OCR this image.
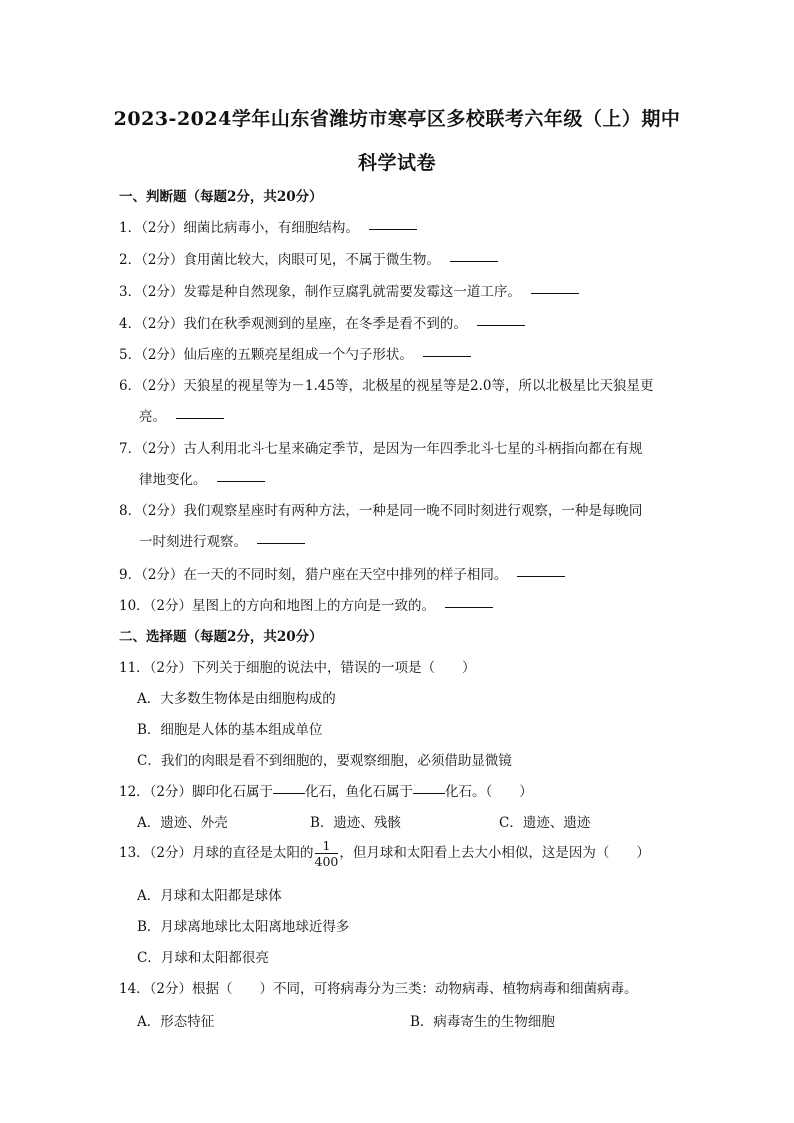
2023-2024学年山东省潍坊市寒亭区多校联考六年级（上）期中
科学试卷
一、判断题（每题2分，共20分）
1．（2分）细菌比病毒小，有细胞结构。
2．（2分）食用菌比较大，肉眼可见，不属于微生物。
3．（2分）发霉是种自然现象，制作豆腐乳就需要发霉这一道工序。
4．（2分）我们在秋季观测到的星座，在冬季是看不到的。
5．（2分）仙后座的五颗亮星组成一个勺子形状。
6．（2分）天狼星的视星等为－1.45等，北极星的视星等是2.0等，所以北极星比天狼星更
亮。
7．（2分）古人利用北斗七星来确定季节，是因为一年四季北斗七星的斗柄指向都在有规
律地变化。
8．（2分）我们观察星座时有两种方法，一种是同一晚不同时刻进行观察，一种是每晚同
一时刻进行观察。
9．（2分）在一天的不同时刻，猎户座在天空中排列的样子相同。
10．（2分）星图上的方向和地图上的方向是一致的。
二、选择题（每题2分，共20分）
11．（2分）下列关于细胞的说法中，错误的一项是（　　）
A．大多数生物体是由细胞构成的
B．细胞是人体的基本组成单位
C．我们的肉眼是看不到细胞的，要观察细胞，必须借助显微镜
12．（2分）脚印化石属于 化石，鱼化石属于 化石。（　　）
A．遗迹、外壳	B．遗迹、残骸	C．遗迹、遗迹
13．（2分）月球的直径是太阳的 $\frac{1}{400}$ ，但月球和太阳看上去大小相似，这是因为（　　）
A．月球和太阳都是球体
B．月球离地球比太阳离地球近得多
C．月球和太阳都很亮
14．（2分）根据（　　）不同，可将病毒分为三类：动物病毒、植物病毒和细菌病毒。
A．形态特征	B．病毒寄生的生物细胞
